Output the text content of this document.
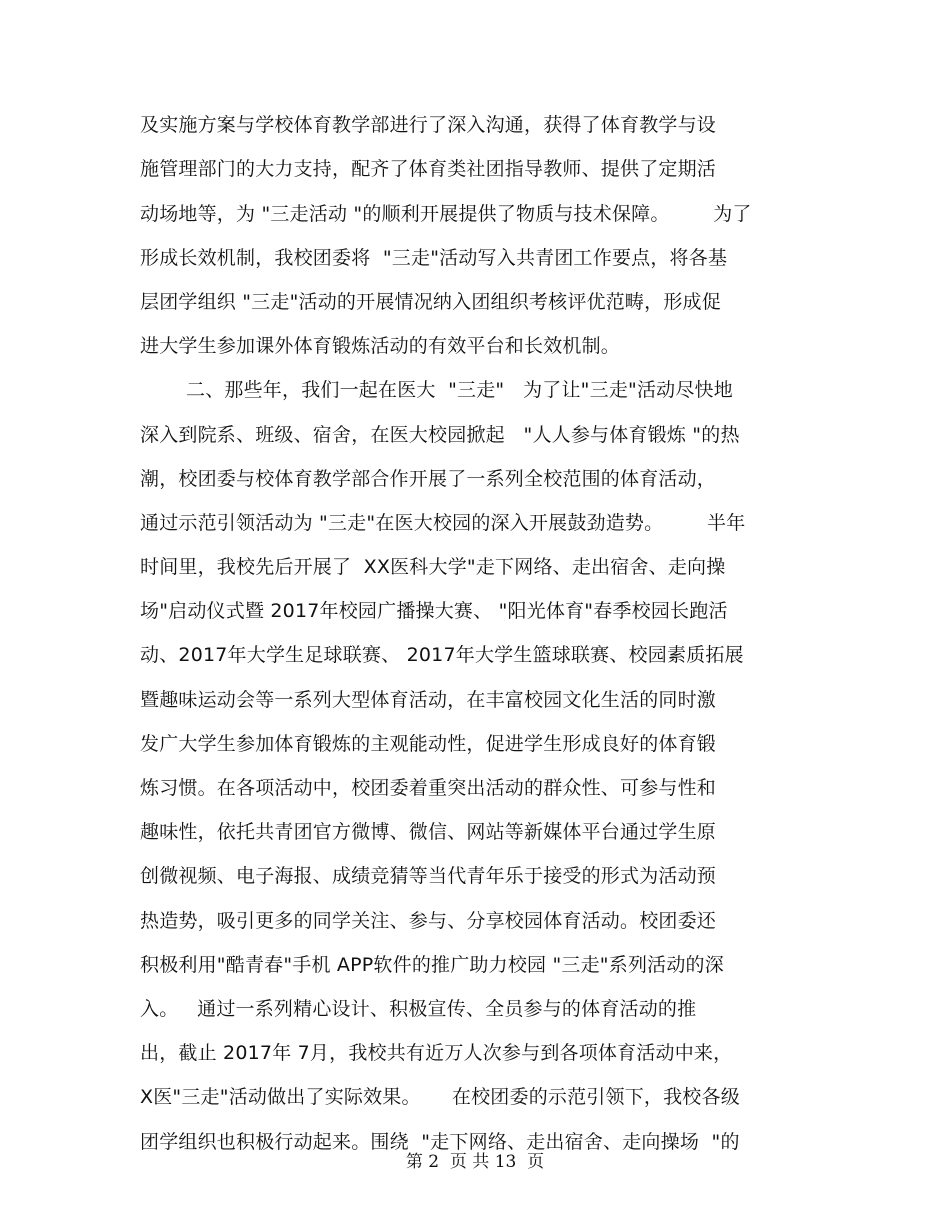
及实施方案与学校体育教学部进行了深入沟通，获得了体育教学与设
施管理部门的大力支持，配齐了体育类社团指导教师、提供了定期活
动场地等，为 "三走活动 "的顺利开展提供了物质与技术保障。       为了
形成长效机制，我校团委将  "三走"活动写入共青团工作要点，将各基
层团学组织 "三走"活动的开展情况纳入团组织考核评优范畴，形成促
进大学生参加课外体育锻炼活动的有效平台和长效机制。
二、那些年，我们一起在医大  "三走"   为了让"三走"活动尽快地
深入到院系、班级、宿舍，在医大校园掀起   "人人参与体育锻炼 "的热
潮，校团委与校体育教学部合作开展了一系列全校范围的体育活动，
通过示范引领活动为 "三走"在医大校园的深入开展鼓劲造势。       半年
时间里，我校先后开展了  XX医科大学"走下网络、走出宿舍、走向操
场"启动仪式暨 2017年校园广播操大赛、 "阳光体育"春季校园长跑活
动、2017年大学生足球联赛、 2017年大学生篮球联赛、校园素质拓展
暨趣味运动会等一系列大型体育活动，在丰富校园文化生活的同时激
发广大学生参加体育锻炼的主观能动性，促进学生形成良好的体育锻
炼习惯。在各项活动中，校团委着重突出活动的群众性、可参与性和
趣味性，依托共青团官方微博、微信、网站等新媒体平台通过学生原
创微视频、电子海报、成绩竞猜等当代青年乐于接受的形式为活动预
热造势，吸引更多的同学关注、参与、分享校园体育活动。校团委还
积极利用"酷青春"手机 APP软件的推广助力校园 "三走"系列活动的深
入。   通过一系列精心设计、积极宣传、全员参与的体育活动的推
出，截止 2017年 7月，我校共有近万人次参与到各项体育活动中来，
X医"三走"活动做出了实际效果。     在校团委的示范引领下，我校各级
团学组织也积极行动起来。围绕  "走下网络、走出宿舍、走向操场  "的
第 2  页 共 13  页
